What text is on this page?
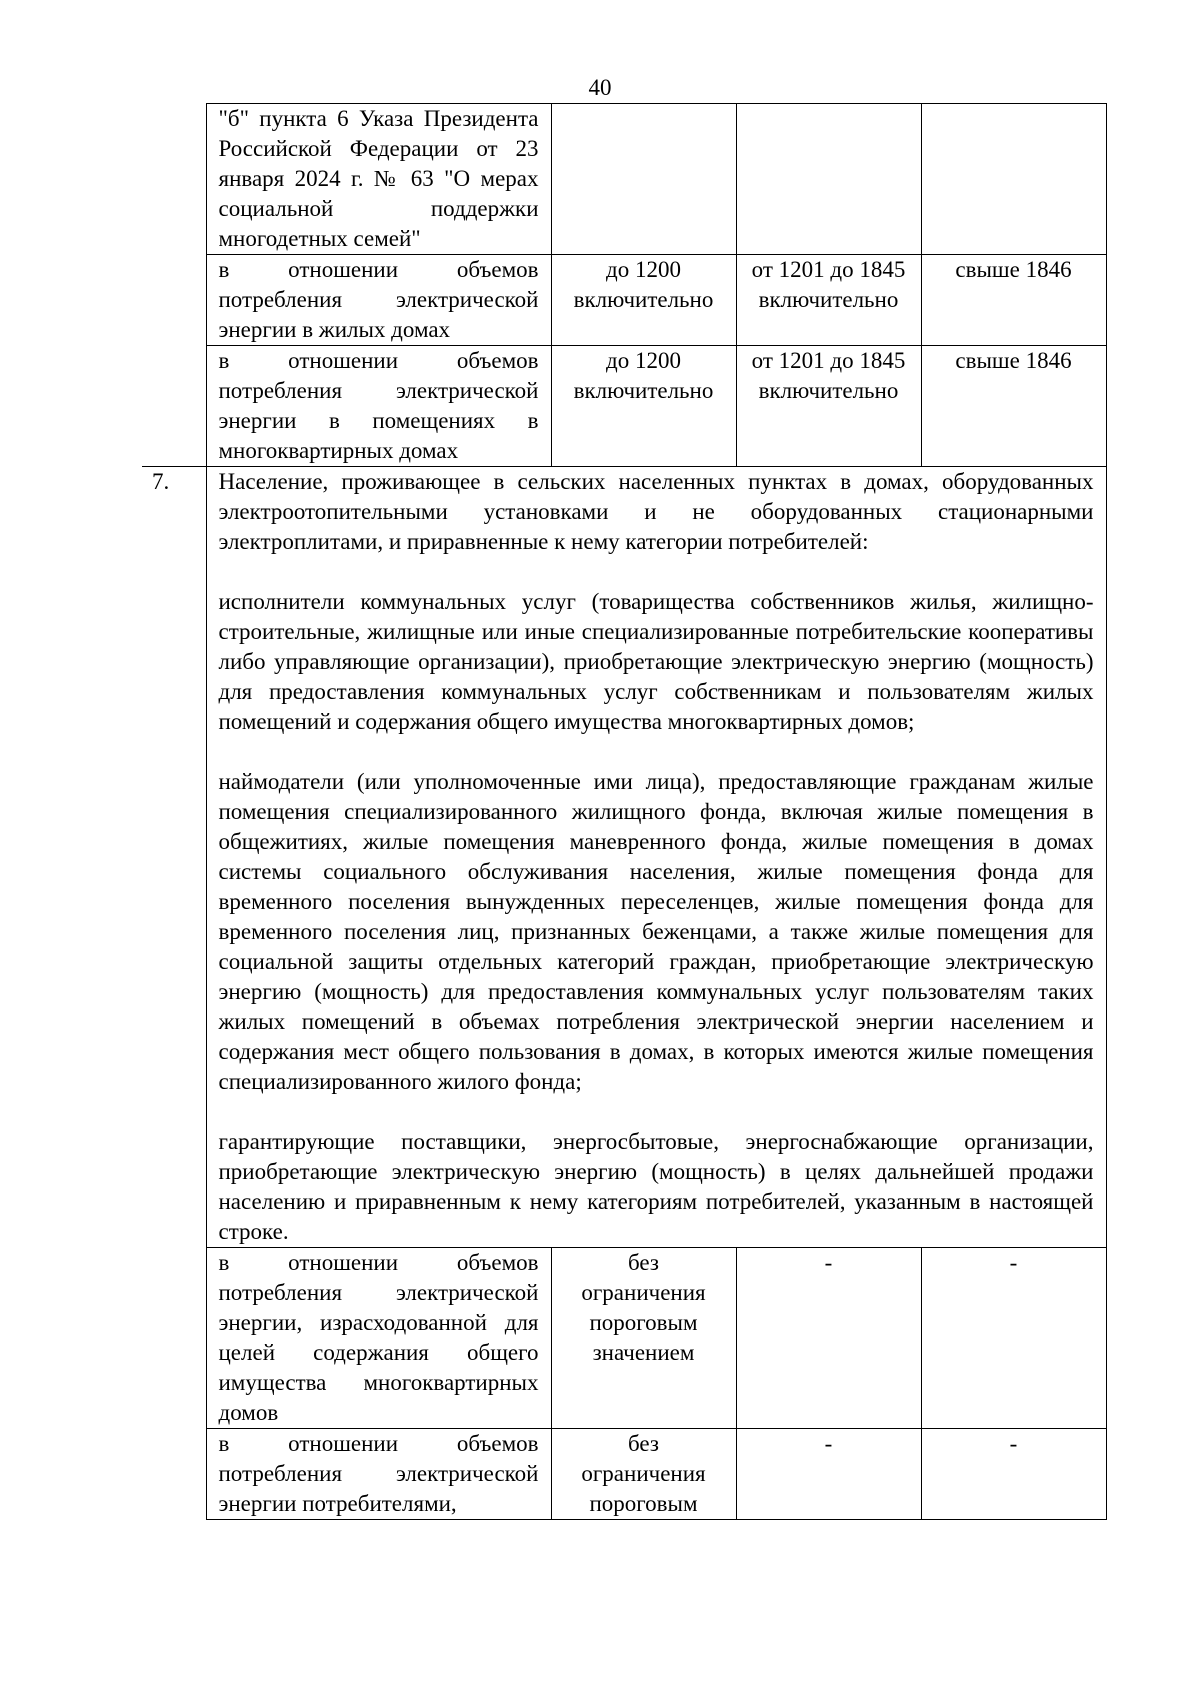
40
	"б" пункта 6 Указа Президента Российской Федерации от 23 января 2024 г. № 63 "О мерах социальной поддержки многодетных семей"			
	в отношении объемов потребления электрической энергии в жилых домах	до 1200 включительно	от 1201 до 1845 включительно	свыше 1846
	в отношении объемов потребления электрической энергии в помещениях в многоквартирных домах	до 1200 включительно	от 1201 до 1845 включительно	свыше 1846
7.	Население, проживающее в сельских населенных пунктах в домах, оборудованных электроотопительными установками и не оборудованных стационарными электроплитами, и приравненные к нему категории потребителей:
исполнители коммунальных услуг (товарищества собственников жилья, жилищно-строительные, жилищные или иные специализированные потребительские кооперативы либо управляющие организации), приобретающие электрическую энергию (мощность) для предоставления коммунальных услуг собственникам и пользователям жилых помещений и содержания общего имущества многоквартирных домов;
наймодатели (или уполномоченные ими лица), предоставляющие гражданам жилые помещения специализированного жилищного фонда, включая жилые помещения в общежитиях, жилые помещения маневренного фонда, жилые помещения в домах системы социального обслуживания населения, жилые помещения фонда для временного поселения вынужденных переселенцев, жилые помещения фонда для временного поселения лиц, признанных беженцами, а также жилые помещения для социальной защиты отдельных категорий граждан, приобретающие электрическую энергию (мощность) для предоставления коммунальных услуг пользователям таких жилых помещений в объемах потребления электрической энергии населением и содержания мест общего пользования в домах, в которых имеются жилые помещения специализированного жилого фонда;
гарантирующие поставщики, энергосбытовые, энергоснабжающие организации, приобретающие электрическую энергию (мощность) в целях дальнейшей продажи населению и приравненным к нему категориям потребителей, указанным в настоящей строке.			

	в отношении объемов потребления электрической энергии, израсходованной для целей содержания общего имущества многоквартирных домов	без ограничения пороговым значением	-	-
	в отношении объемов потребления электрической энергии потребителями,	без ограничения пороговым	-	-
